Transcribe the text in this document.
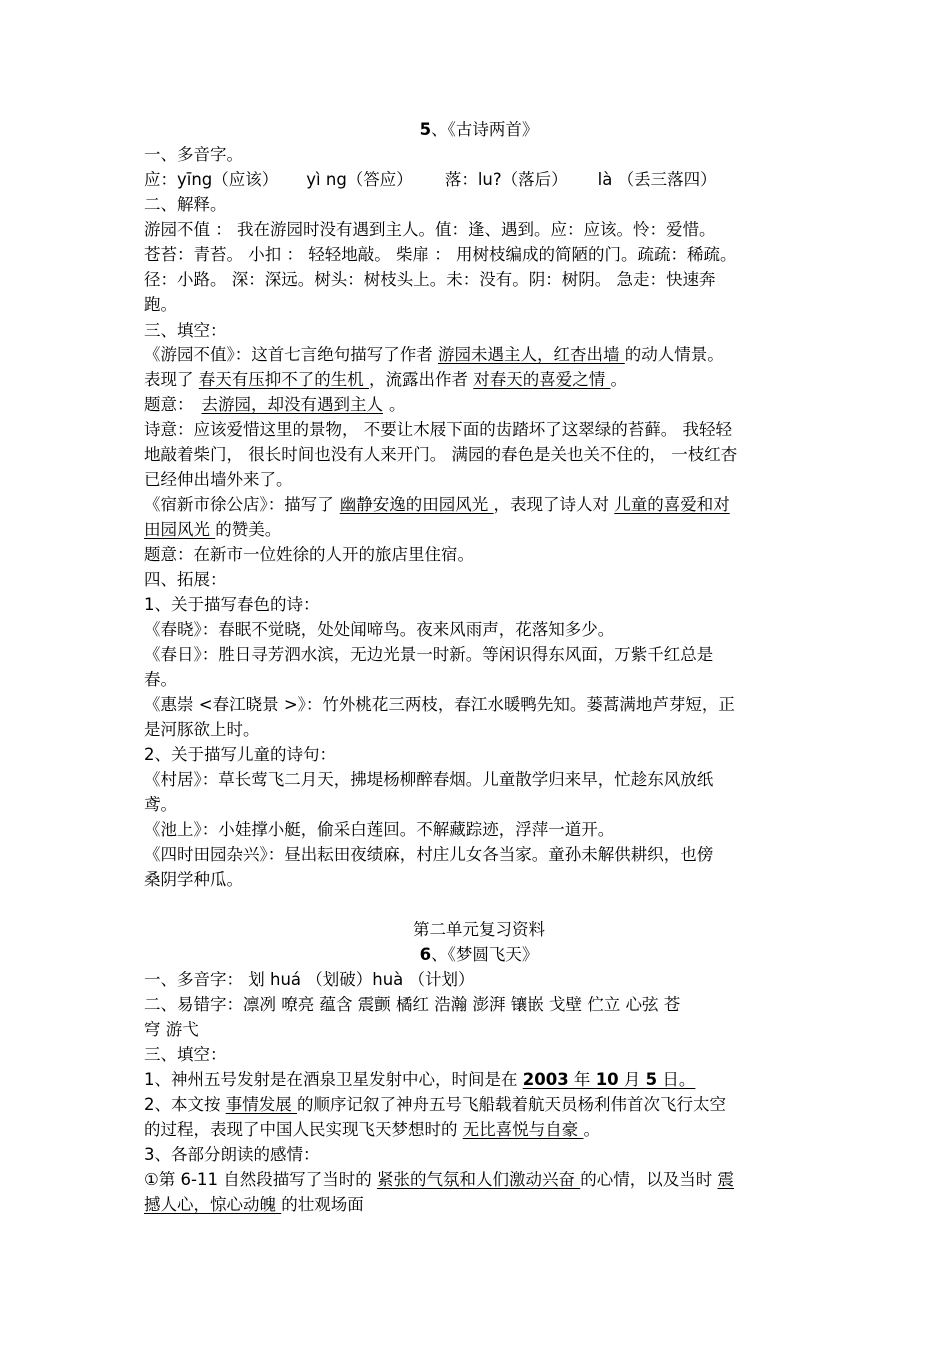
5、《古诗两首》
一、多音字。
应：yīng（应该） yì ng（答应） 落：lu?（落后） là （丢三落四）
二、解释。
游园不值 ： 我在游园时没有遇到主人。值：逢、遇到。应：应该。怜：爱惜。
苍苔：青苔。 小扣 ： 轻轻地敲。 柴扉 ： 用树枝编成的简陋的门。疏疏：稀疏。
径：小路。 深：深远。树头：树枝头上。未：没有。阴：树阴。 急走：快速奔
跑。
三、填空：
《游园不值》：这首七言绝句描写了作者 游园未遇主人，红杏出墙 的动人情景。
表现了 春天有压抑不了的生机 ，流露出作者 对春天的喜爱之情 。
题意： 去游园，却没有遇到主人 。
诗意：应该爱惜这里的景物， 不要让木屐下面的齿踏坏了这翠绿的苔藓。 我轻轻
地敲着柴门， 很长时间也没有人来开门。 满园的春色是关也关不住的， 一枝红杏
已经伸出墙外来了。
《宿新市徐公店》：描写了 幽静安逸的田园风光 ，表现了诗人对 儿童的喜爱和对
田园风光 的赞美。
题意：在新市一位姓徐的人开的旅店里住宿。
四、拓展：
1、关于描写春色的诗：
《春晓》：春眠不觉晓，处处闻啼鸟。夜来风雨声，花落知多少。
《春日》：胜日寻芳泗水滨，无边光景一时新。等闲识得东风面，万紫千红总是
春。
《惠崇 <春江晓景 >》：竹外桃花三两枝，春江水暖鸭先知。蒌蒿满地芦芽短，正
是河豚欲上时。
2、关于描写儿童的诗句：
《村居》：草长莺飞二月天，拂堤杨柳醉春烟。儿童散学归来早，忙趁东风放纸
鸢。
《池上》：小娃撑小艇，偷采白莲回。不解藏踪迹，浮萍一道开。
《四时田园杂兴》：昼出耘田夜绩麻，村庄儿女各当家。童孙未解供耕织，也傍
桑阴学种瓜。
第二单元复习资料
6、《梦圆飞天》
一、多音字： 划 huá （划破）huà （计划）
二、易错字：凛冽 嘹亮 蕴含 震颤 橘红 浩瀚 澎湃 镶嵌 戈壁 伫立 心弦 苍
穹 游弋
三、填空：
1、神州五号发射是在酒泉卫星发射中心，时间是在 2003 年 10 月 5 日。
2、本文按 事情发展 的顺序记叙了神舟五号飞船载着航天员杨利伟首次飞行太空
的过程，表现了中国人民实现飞天梦想时的 无比喜悦与自豪 。
3、各部分朗读的感情：
①第 6-11 自然段描写了当时的 紧张的气氛和人们激动兴奋 的心情，以及当时 震
撼人心，惊心动魄 的壮观场面
